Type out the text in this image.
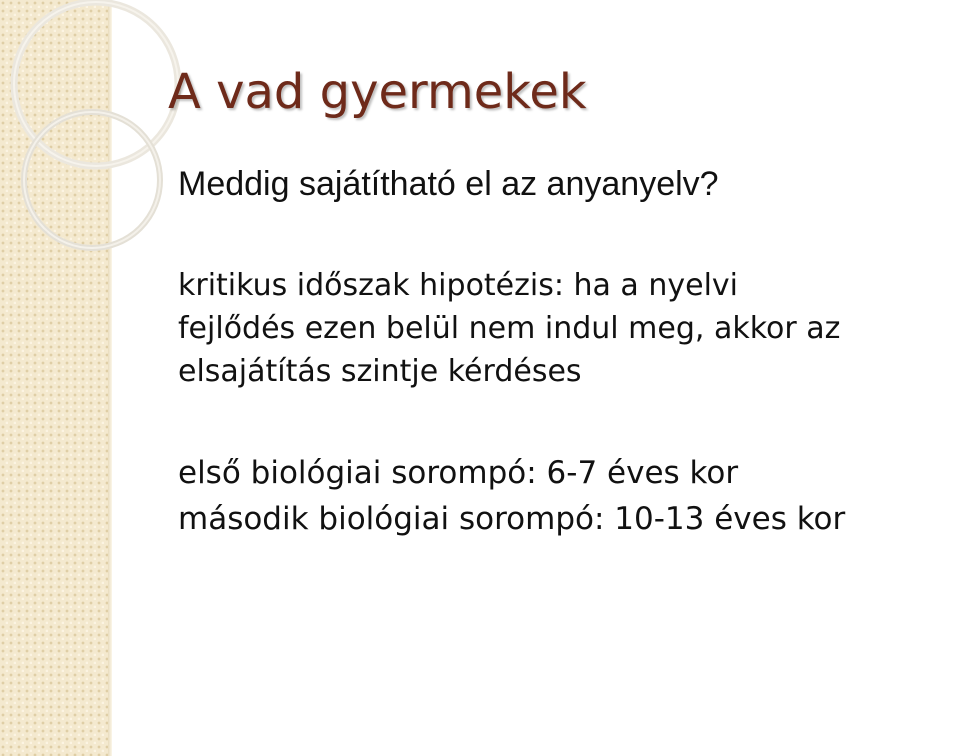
A vad gyermekek

Meddig sajátítható el az anyanyelv?

kritikus időszak hipotézis: ha a nyelvi
fejlődés ezen belül nem indul meg, akkor az
elsajátítás szintje kérdéses

első biológiai sorompó: 6-7 éves kor
második biológiai sorompó: 10-13 éves kor
